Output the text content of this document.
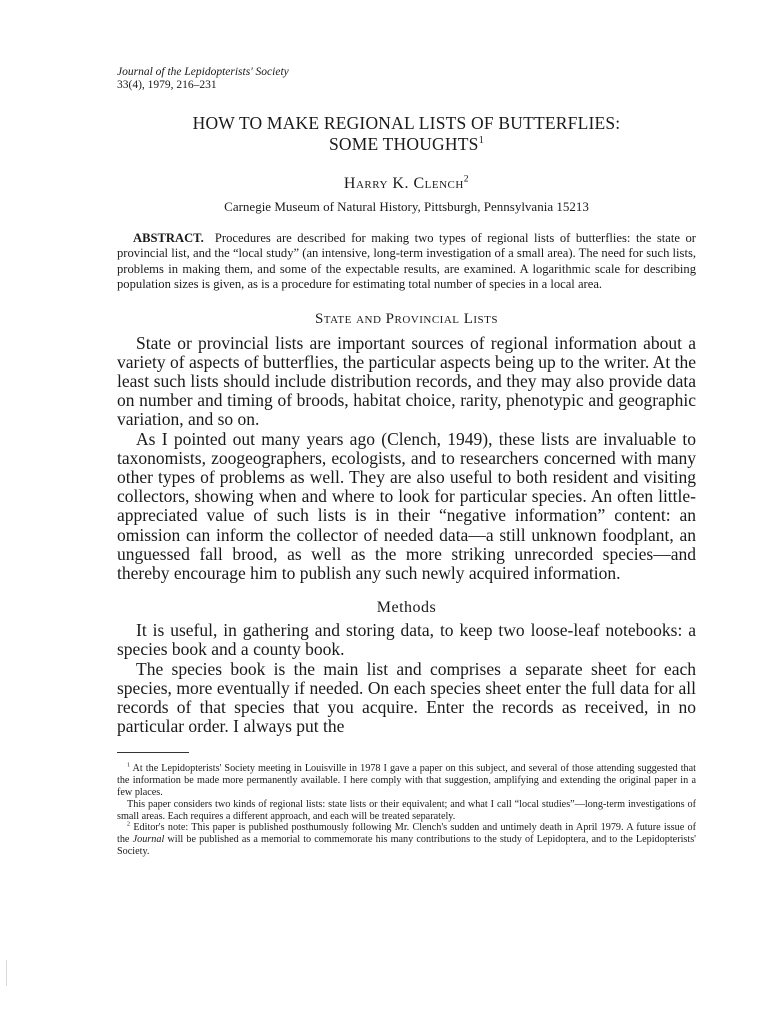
Journal of the Lepidopterists' Society

33(4), 1979, 216–231

HOW TO MAKE REGIONAL LISTS OF BUTTERFLIES:
SOME THOUGHTS$^1$

Harry K. Clench$^2$

Carnegie Museum of Natural History, Pittsburgh, Pennsylvania 15213

ABSTRACT. Procedures are described for making two types of regional lists of butterflies: the state or provincial list, and the “local study” (an intensive, long-term investigation of a small area). The need for such lists, problems in making them, and some of the expectable results, are examined. A logarithmic scale for describing population sizes is given, as is a procedure for estimating total number of species in a local area.

State and Provincial Lists

State or provincial lists are important sources of regional information about a variety of aspects of butterflies, the particular aspects being up to the writer. At the least such lists should include distribution records, and they may also provide data on number and timing of broods, habitat choice, rarity, phenotypic and geographic variation, and so on.

As I pointed out many years ago (Clench, 1949), these lists are invaluable to taxonomists, zoogeographers, ecologists, and to researchers concerned with many other types of problems as well. They are also useful to both resident and visiting collectors, showing when and where to look for particular species. An often little-appreciated value of such lists is in their “negative information” content: an omission can inform the collector of needed data—a still unknown foodplant, an unguessed fall brood, as well as the more striking unrecorded species—and thereby encourage him to publish any such newly acquired information.

Methods

It is useful, in gathering and storing data, to keep two loose-leaf notebooks: a species book and a county book.

The species book is the main list and comprises a separate sheet for each species, more eventually if needed. On each species sheet enter the full data for all records of that species that you acquire. Enter the records as received, in no particular order. I always put the

$^1$ At the Lepidopterists' Society meeting in Louisville in 1978 I gave a paper on this subject, and several of those attending suggested that the information be made more permanently available. I here comply with that suggestion, amplifying and extending the original paper in a few places.

This paper considers two kinds of regional lists: state lists or their equivalent; and what I call “local studies”—long-term investigations of small areas. Each requires a different approach, and each will be treated separately.

$^2$ Editor's note: This paper is published posthumously following Mr. Clench's sudden and untimely death in April 1979. A future issue of the Journal will be published as a memorial to commemorate his many contributions to the study of Lepidoptera, and to the Lepidopterists' Society.
